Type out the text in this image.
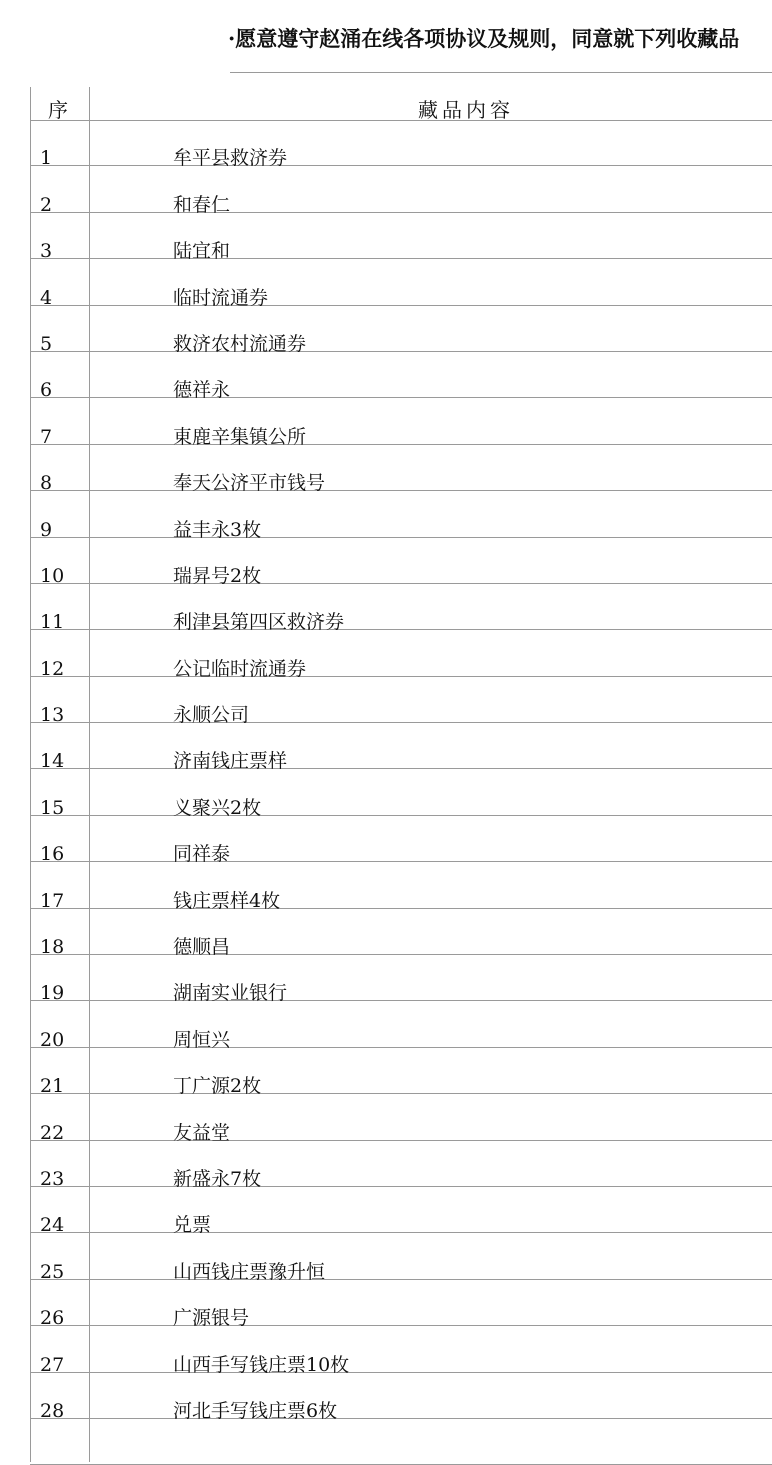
·愿意遵守赵涌在线各项协议及规则，同意就下列收藏品
序	藏品内容
1	牟平县救济券
2	和春仁
3	陆宜和
4	临时流通券
5	救济农村流通券
6	德祥永
7	東鹿辛集镇公所
8	奉天公济平市钱号
9	益丰永3枚
10	瑞昇号2枚
11	利津县第四区救济券
12	公记临时流通券
13	永顺公司
14	济南钱庄票样
15	义聚兴2枚
16	同祥泰
17	钱庄票样4枚
18	德顺昌
19	湖南实业银行
20	周恒兴
21	丁广源2枚
22	友益堂
23	新盛永7枚
24	兑票
25	山西钱庄票豫升恒
26	广源银号
27	山西手写钱庄票10枚
28	河北手写钱庄票6枚
